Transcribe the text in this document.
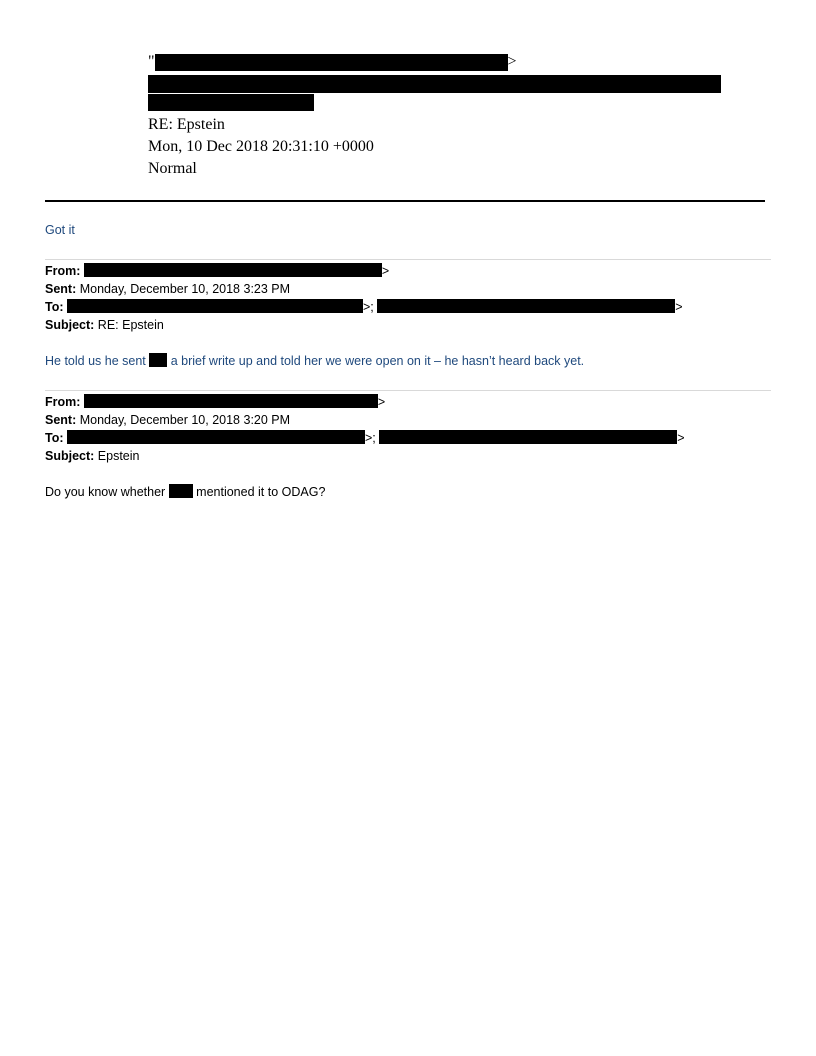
"	>
RE: Epstein
Mon, 10 Dec 2018 20:31:10 +0000
Normal
Got it
From:	>
Sent: Monday, December 10, 2018 3:23 PM
To:	>;	>
Subject: RE: Epstein
He told us he sent  a brief write up and told her we were open on it – he hasn’t heard back yet.
From:	>
Sent: Monday, December 10, 2018 3:20 PM
To:	>;	>
Subject: Epstein
Do you know whether  mentioned it to ODAG?
